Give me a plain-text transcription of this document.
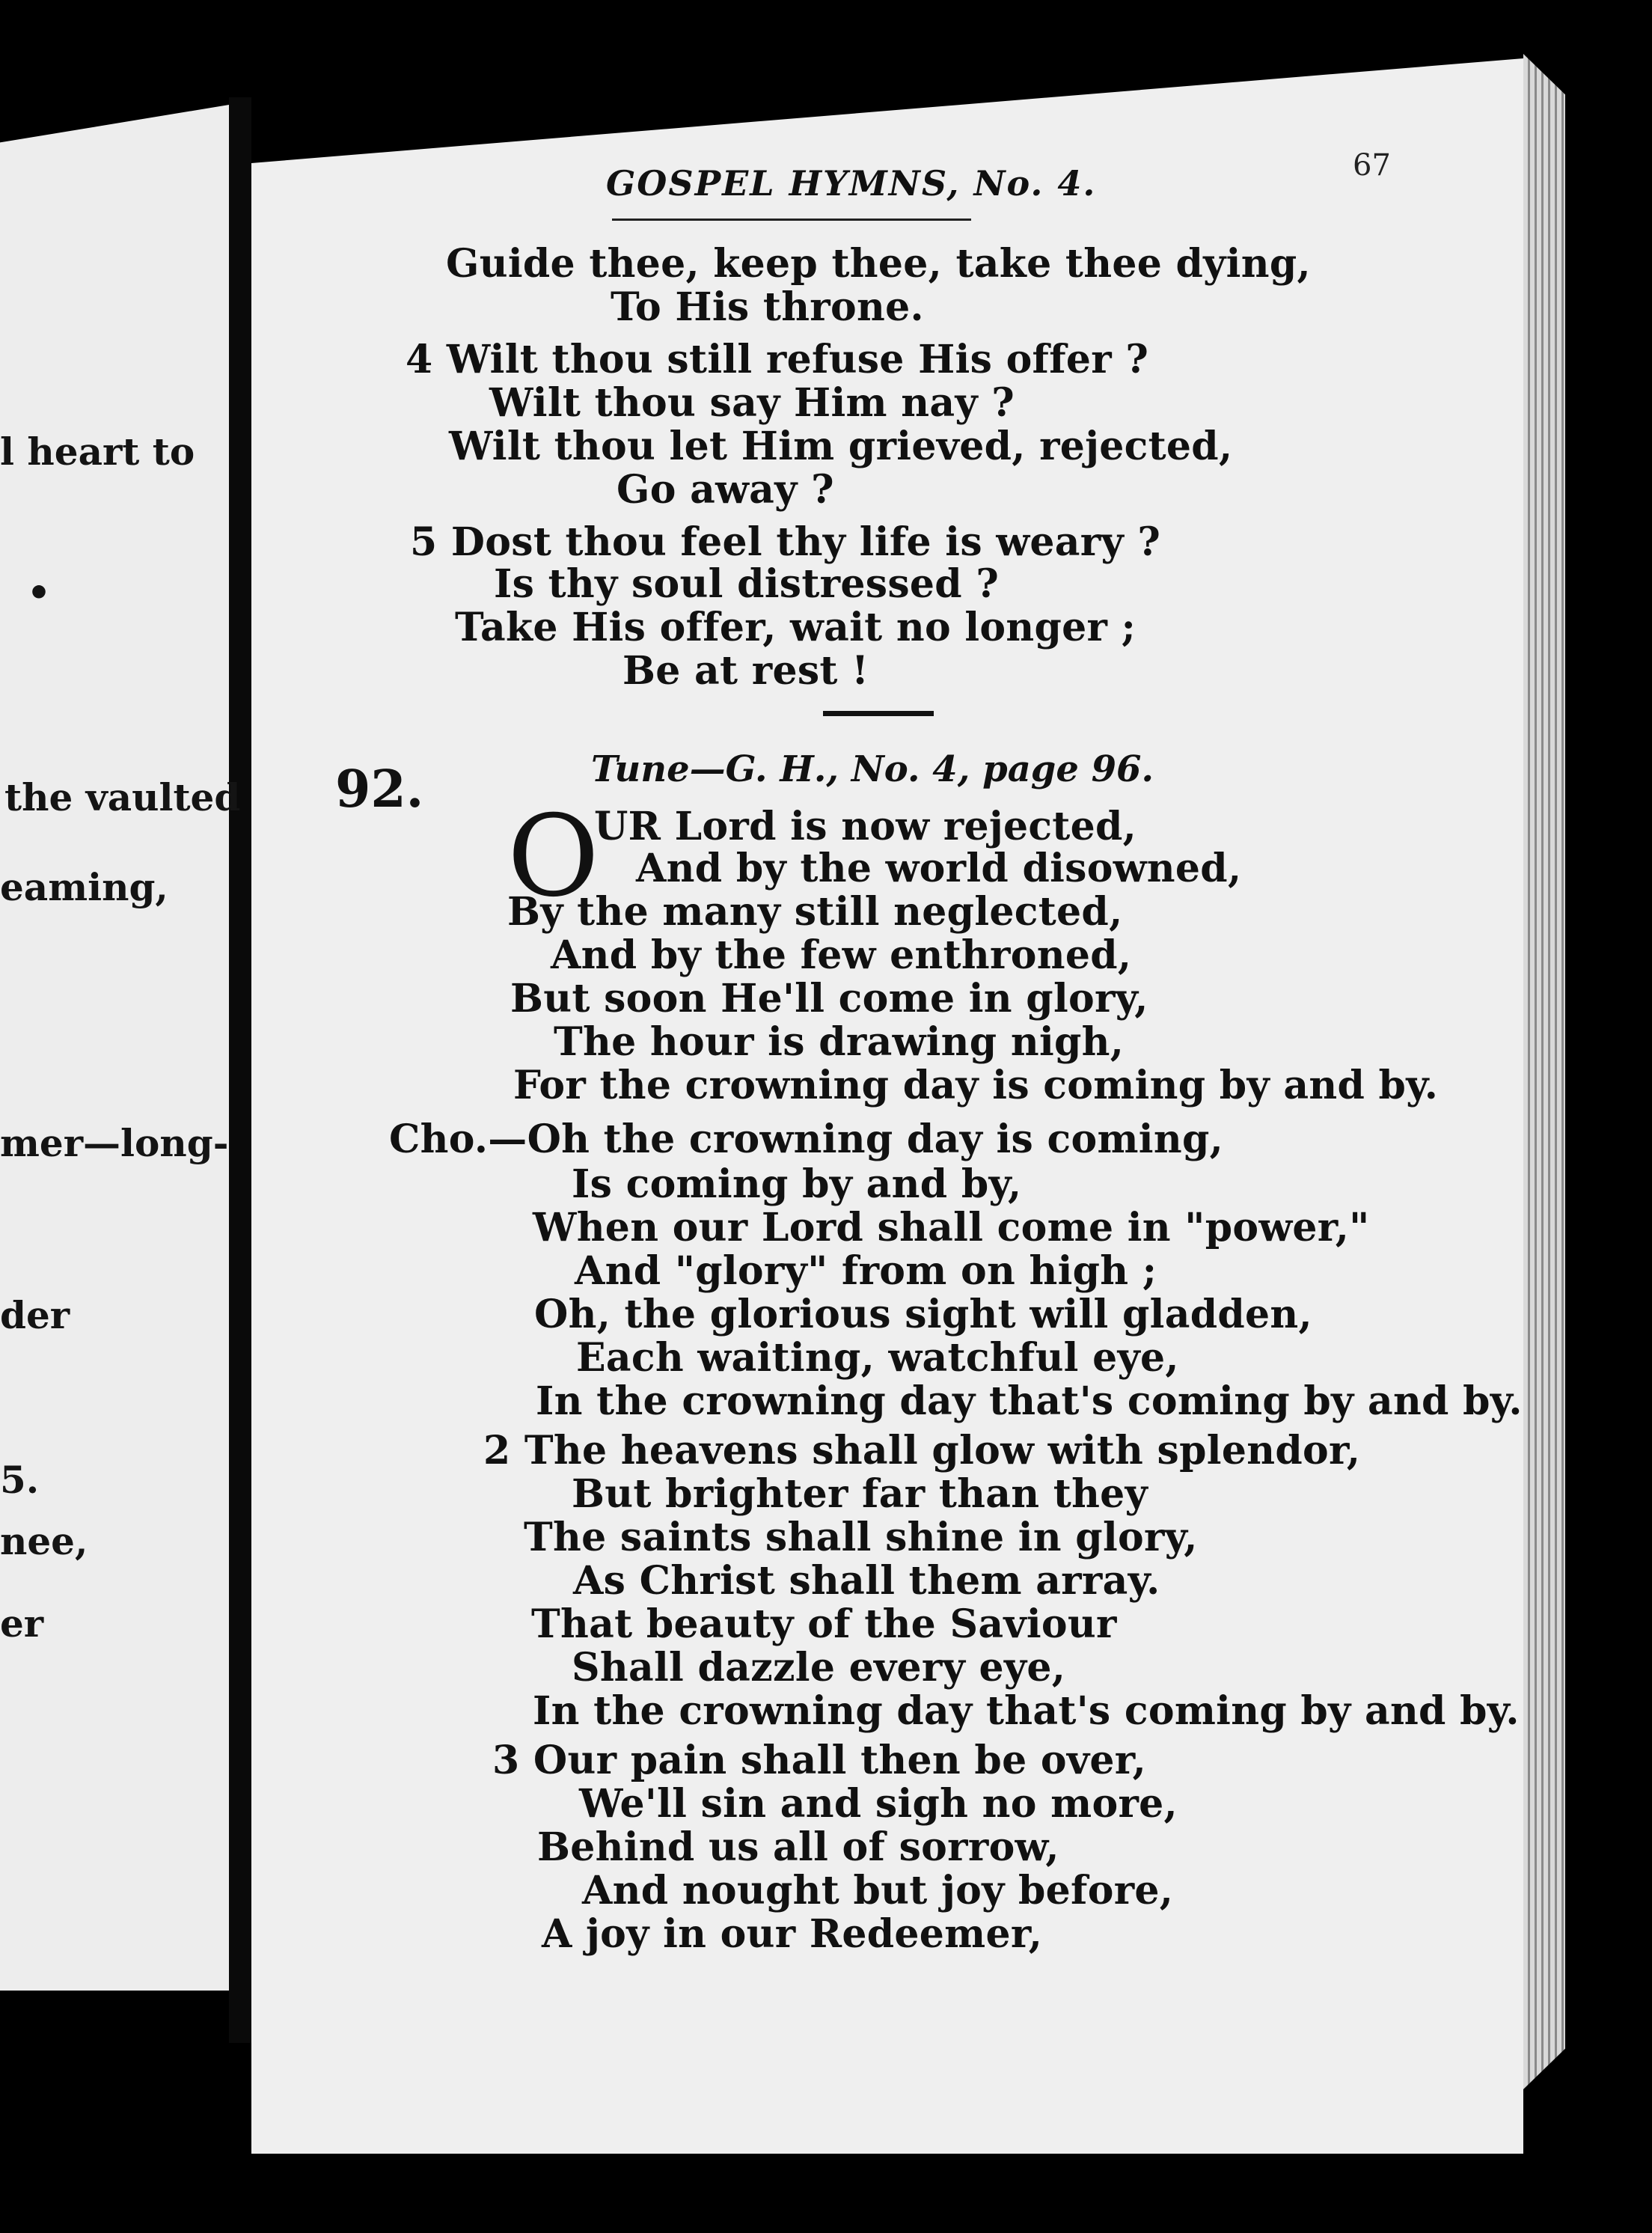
l heart to
•
the vaulted
eaming,
mer—long-
der
5.
nee,
er
GOSPEL HYMNS, No. 4.	67
Guide thee, keep thee, take thee dying,
To His throne.
4 Wilt thou still refuse His offer ?
Wilt thou say Him nay ?
Wilt thou let Him grieved, rejected,
Go away ?
5 Dost thou feel thy life is weary ?
Is thy soul distressed ?
Take His offer, wait no longer ;
Be at rest !
92.	Tune—G. H., No. 4, page 96.
O
UR Lord is now rejected,
And by the world disowned,
By the many still neglected,
And by the few enthroned,
But soon He'll come in glory,
The hour is drawing nigh,
For the crowning day is coming by and by.
Cho.—Oh the crowning day is coming,
Is coming by and by,
When our Lord shall come in "power,"
And "glory" from on high ;
Oh, the glorious sight will gladden,
Each waiting, watchful eye,
In the crowning day that's coming by and by.
2 The heavens shall glow with splendor,
But brighter far than they
The saints shall shine in glory,
As Christ shall them array.
That beauty of the Saviour
Shall dazzle every eye,
In the crowning day that's coming by and by.
3 Our pain shall then be over,
We'll sin and sigh no more,
Behind us all of sorrow,
And nought but joy before,
A joy in our Redeemer,
